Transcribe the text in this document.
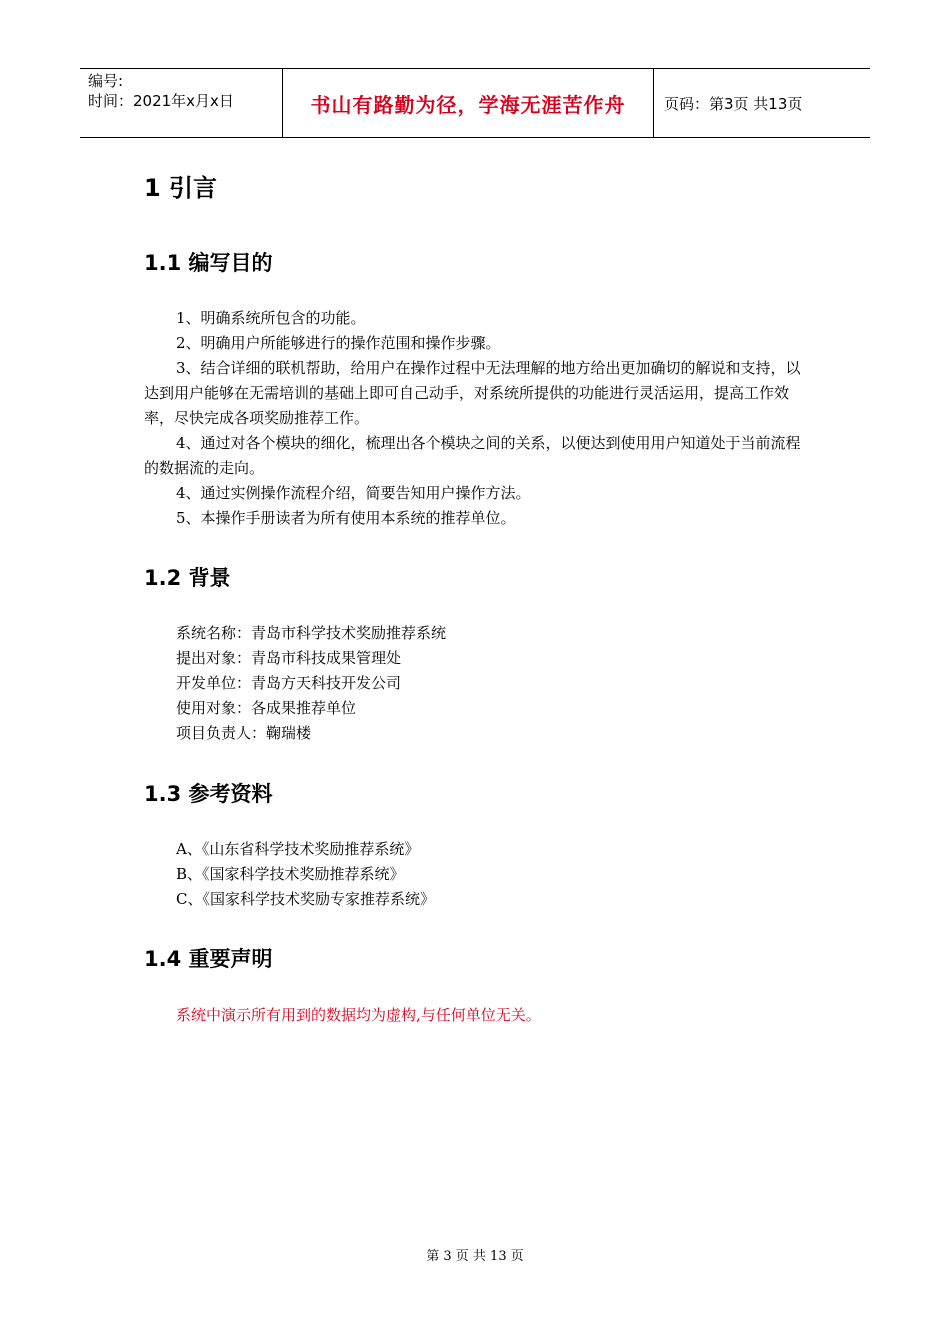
编号:
时间：2021年x月x日	书山有路勤为径，学海无涯苦作舟	页码：第3页 共13页
1 引言
1.1 编写目的

1、明确系统所包含的功能。

2、明确用户所能够进行的操作范围和操作步骤。

3、结合详细的联机帮助，给用户在操作过程中无法理解的地方给出更加确切的解说和支持，以达到用户能够在无需培训的基础上即可自己动手，对系统所提供的功能进行灵活运用，提高工作效率，尽快完成各项奖励推荐工作。

4、通过对各个模块的细化，梳理出各个模块之间的关系，以便达到使用用户知道处于当前流程的数据流的走向。

4、通过实例操作流程介绍，简要告知用户操作方法。

5、本操作手册读者为所有使用本系统的推荐单位。

1.2 背景
系统名称：青岛市科学技术奖励推荐系统
提出对象：青岛市科技成果管理处
开发单位：青岛方天科技开发公司
使用对象：各成果推荐单位
项目负责人：鞠瑞楼
1.3 参考资料
A、《山东省科学技术奖励推荐系统》
B、《国家科学技术奖励推荐系统》
C、《国家科学技术奖励专家推荐系统》
1.4 重要声明
系统中演示所有用到的数据均为虚构,与任何单位无关。
第 3 页 共 13 页
